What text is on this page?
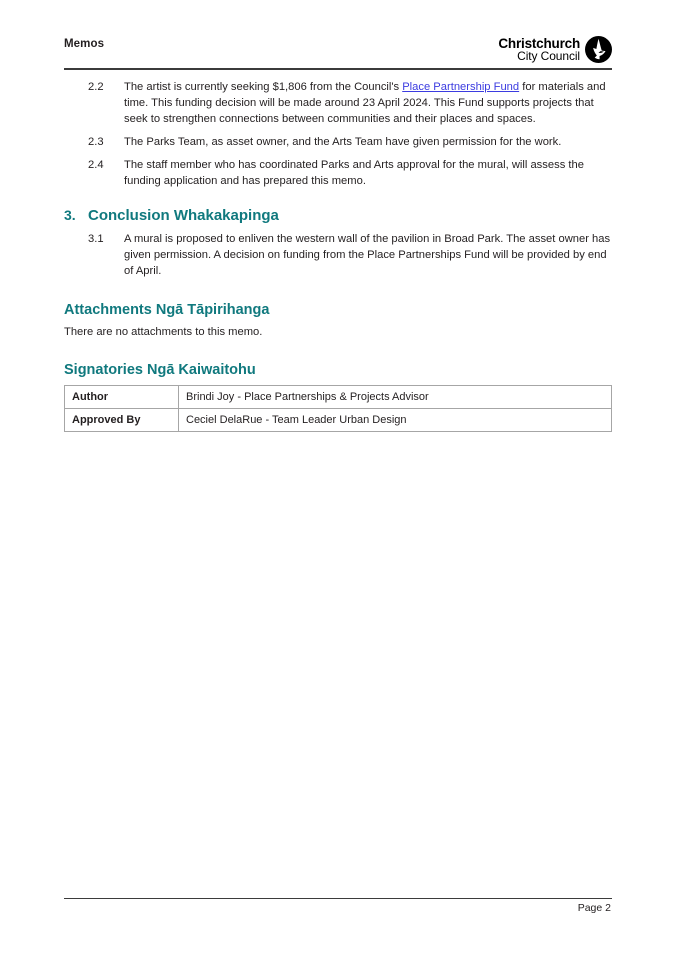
Memos	Christchurch
City Council
2.2	The artist is currently seeking $1,806 from the Council's Place Partnership Fund for materials and time. This funding decision will be made around 23 April 2024. This Fund supports projects that seek to strengthen connections between communities and their places and spaces.
2.3	The Parks Team, as asset owner, and the Arts Team have given permission for the work.
2.4	The staff member who has coordinated Parks and Arts approval for the mural, will assess the funding application and has prepared this memo.
3. Conclusion Whakakapinga
3.1	A mural is proposed to enliven the western wall of the pavilion in Broad Park. The asset owner has given permission. A decision on funding from the Place Partnerships Fund will be provided by end of April.
Attachments Ngā Tāpirihanga

There are no attachments to this memo.

Signatories Ngā Kaiwaitohu
Author	Brindi Joy - Place Partnerships & Projects Advisor
Approved By	Ceciel DelaRue - Team Leader Urban Design
Page 2
